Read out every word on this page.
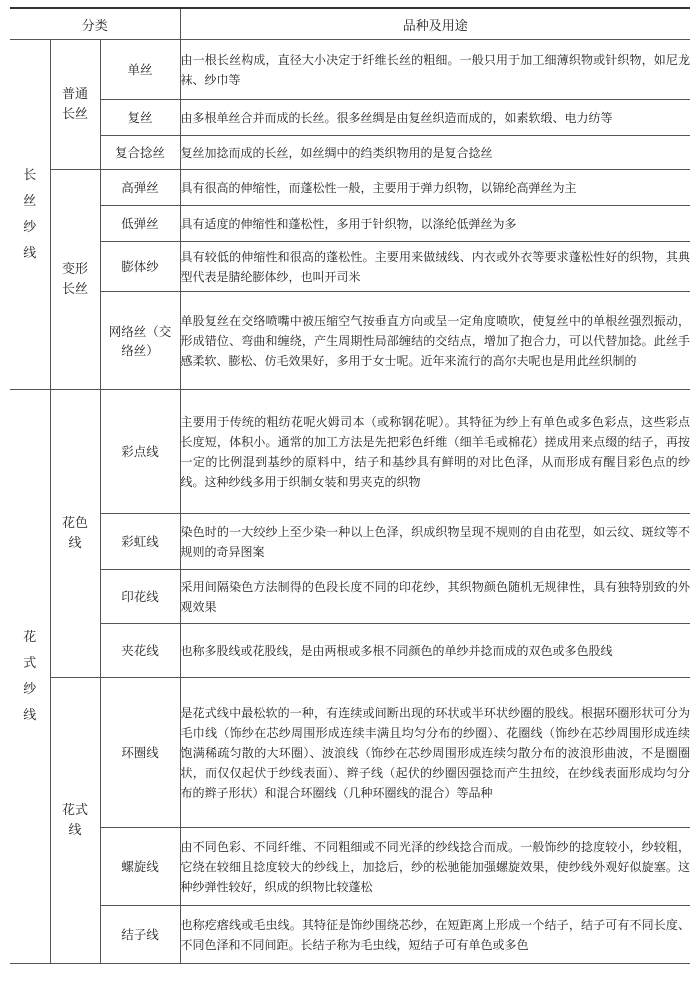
分类			品种及用途
长丝纱线	普通长丝	单丝	由一根长丝构成，直径大小决定于纤维长丝的粗细。一般只用于加工细薄织物或针织物，如尼龙袜、纱巾等
		复丝	由多根单丝合并而成的长丝。很多丝绸是由复丝织造而成的，如素软缎、电力纺等
		复合捻丝	复丝加捻而成的长丝，如丝绸中的绉类织物用的是复合捻丝
	变形长丝	高弹丝	具有很高的伸缩性，而蓬松性一般，主要用于弹力织物，以锦纶高弹丝为主
		低弹丝	具有适度的伸缩性和蓬松性，多用于针织物，以涤纶低弹丝为多
		膨体纱	具有较低的伸缩性和很高的蓬松性。主要用来做绒线、内衣或外衣等要求蓬松性好的织物，其典型代表是腈纶膨体纱，也叫开司米
		网络丝（交络丝）	单股复丝在交络喷嘴中被压缩空气按垂直方向或呈一定角度喷吹，使复丝中的单根丝强烈振动，形成错位、弯曲和缠绕，产生周期性局部缠结的交结点，增加了抱合力，可以代替加捻。此丝手感柔软、膨松、仿毛效果好，多用于女士呢。近年来流行的高尔夫呢也是用此丝织制的
花式纱线	花色线	彩点线	主要用于传统的粗纺花呢火姆司本（或称钢花呢）。其特征为纱上有单色或多色彩点，这些彩点长度短，体积小。通常的加工方法是先把彩色纤维（细羊毛或棉花）搓成用来点缀的结子，再按一定的比例混到基纱的原料中，结子和基纱具有鲜明的对比色泽，从而形成有醒目彩色点的纱线。这种纱线多用于织制女装和男夹克的织物
		彩虹线	染色时的一大绞纱上至少染一种以上色泽，织成织物呈现不规则的自由花型，如云纹、斑纹等不规则的奇异图案
		印花线	采用间隔染色方法制得的色段长度不同的印花纱，其织物颜色随机无规律性，具有独特别致的外观效果
		夹花线	也称多股线或花股线，是由两根或多根不同颜色的单纱并捻而成的双色或多色股线
	花式线	环圈线	是花式线中最松软的一种，有连续或间断出现的环状或半环状纱圈的股线。根据环圈形状可分为毛巾线（饰纱在芯纱周围形成连续丰满且均匀分布的纱圈）、花圈线（饰纱在芯纱周围形成连续饱满稀疏匀散的大环圈）、波浪线（饰纱在芯纱周围形成连续匀散分布的波浪形曲波，不是圈圈状，而仅仅起伏于纱线表面）、辫子线（起伏的纱圈因强捻而产生扭绞，在纱线表面形成均匀分布的辫子形状）和混合环圈线（几种环圈线的混合）等品种
		螺旋线	由不同色彩、不同纤维、不同粗细或不同光泽的纱线捻合而成。一般饰纱的捻度较小，纱较粗，它绕在较细且捻度较大的纱线上，加捻后，纱的松驰能加强螺旋效果，使纱线外观好似旋塞。这种纱弹性较好，织成的织物比较蓬松
		结子线	也称疙瘩线或毛虫线。其特征是饰纱围绕芯纱，在短距离上形成一个结子，结子可有不同长度、不同色泽和不同间距。长结子称为毛虫线，短结子可有单色或多色
